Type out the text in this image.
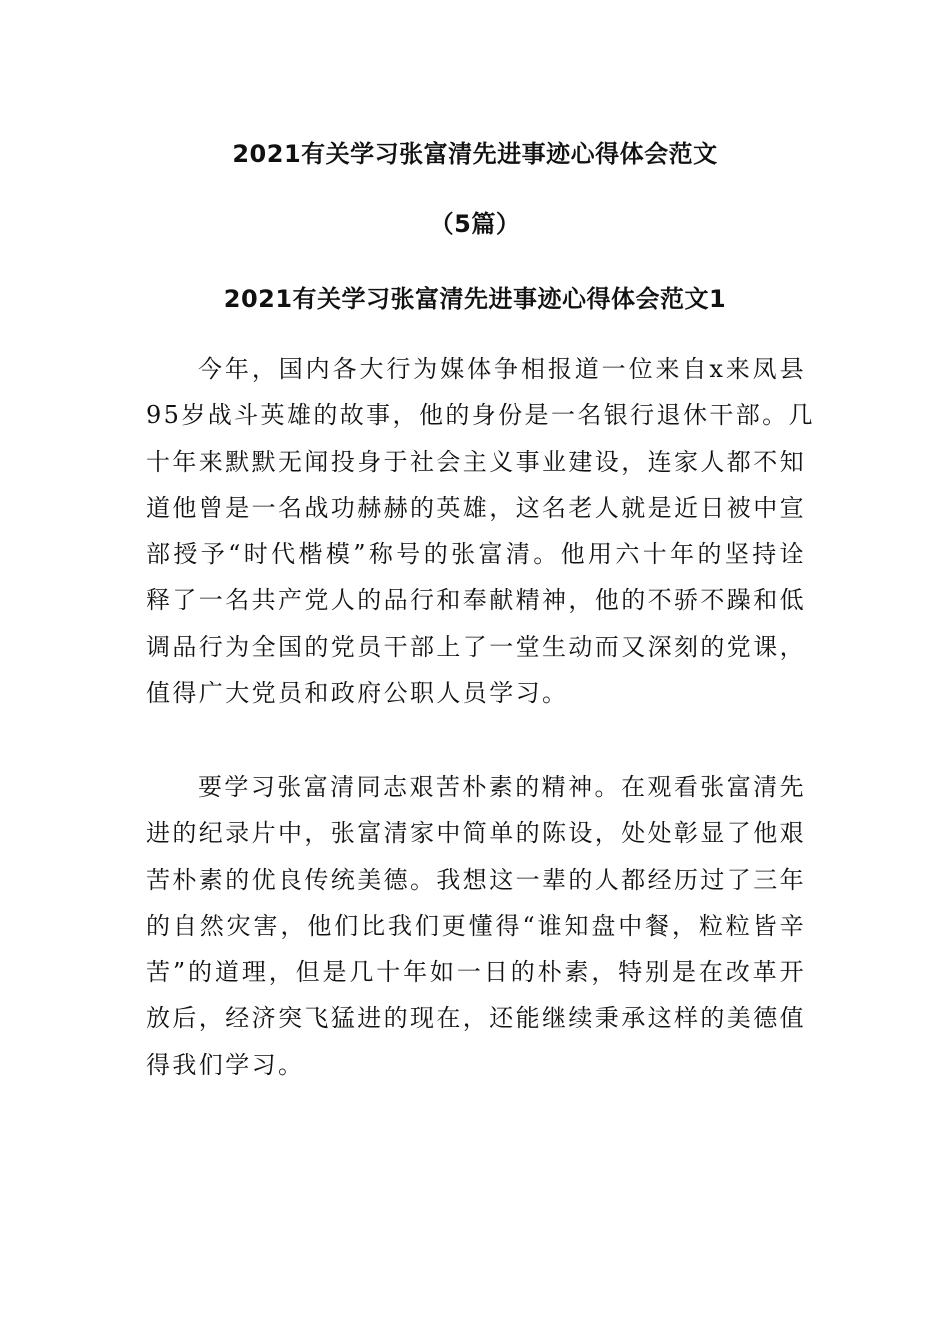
2021有关学习张富清先进事迹心得体会范文
（5篇）
2021有关学习张富清先进事迹心得体会范文1
今年，国内各大行为媒体争相报道一位来自x来凤县
95岁战斗英雄的故事，他的身份是一名银行退休干部。几
十年来默默无闻投身于社会主义事业建设，连家人都不知
道他曾是一名战功赫赫的英雄，这名老人就是近日被中宣
部授予“时代楷模”称号的张富清。他用六十年的坚持诠
释了一名共产党人的品行和奉献精神，他的不骄不躁和低
调品行为全国的党员干部上了一堂生动而又深刻的党课，
值得广大党员和政府公职人员学习。
要学习张富清同志艰苦朴素的精神。在观看张富清先
进的纪录片中，张富清家中简单的陈设，处处彰显了他艰
苦朴素的优良传统美德。我想这一辈的人都经历过了三年
的自然灾害，他们比我们更懂得“谁知盘中餐，粒粒皆辛
苦”的道理，但是几十年如一日的朴素，特别是在改革开
放后，经济突飞猛进的现在，还能继续秉承这样的美德值
得我们学习。
